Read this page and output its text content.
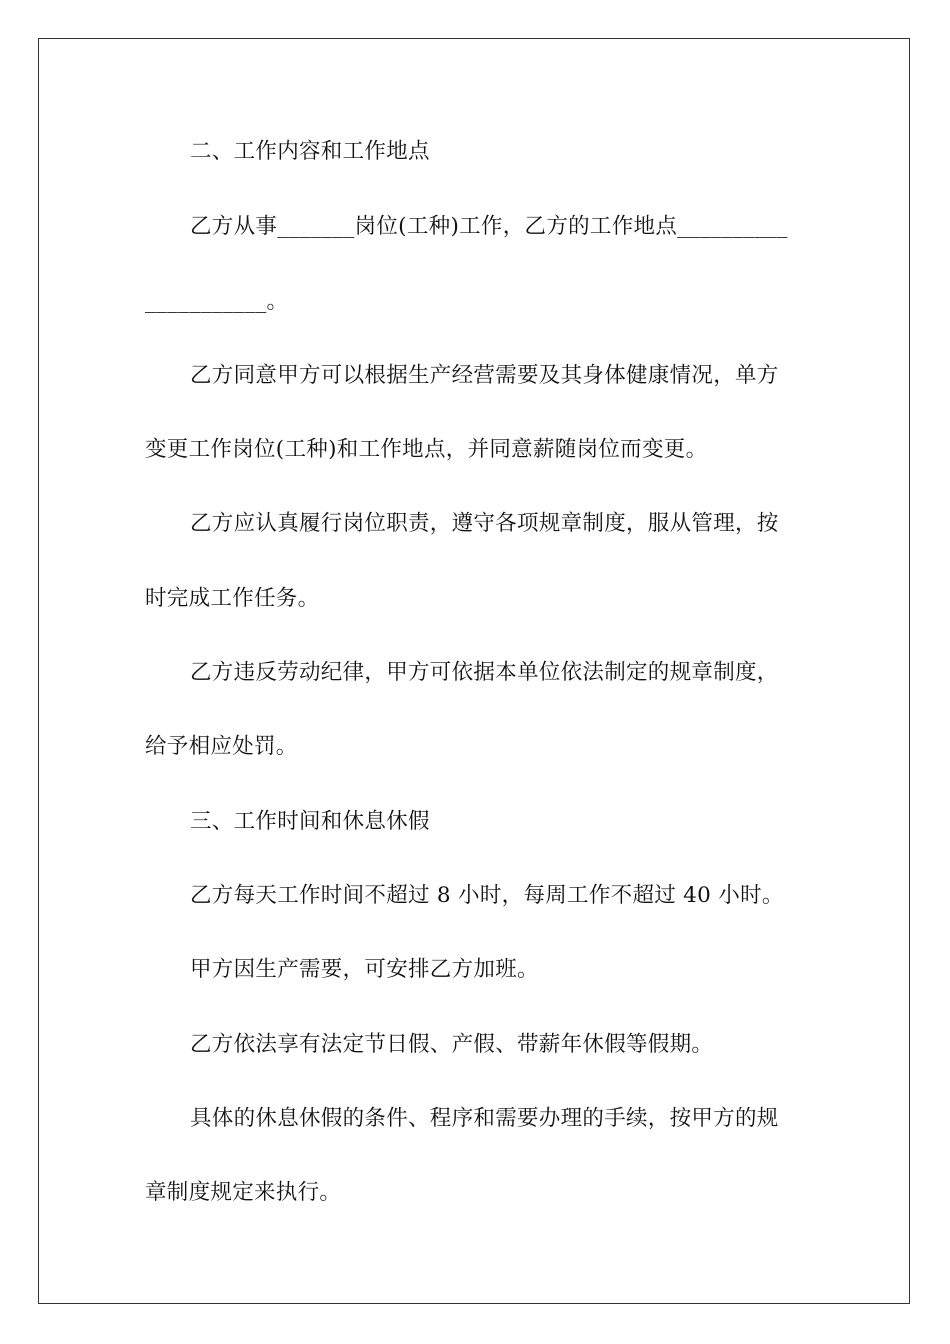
二、工作内容和工作地点
乙方从事_______岗位(工种)工作，乙方的工作地点__________
___________。
乙方同意甲方可以根据生产经营需要及其身体健康情况，单方
变更工作岗位(工种)和工作地点，并同意薪随岗位而变更。
乙方应认真履行岗位职责，遵守各项规章制度，服从管理，按
时完成工作任务。
乙方违反劳动纪律，甲方可依据本单位依法制定的规章制度，
给予相应处罚。
三、工作时间和休息休假
乙方每天工作时间不超过 8 小时，每周工作不超过 40 小时。
甲方因生产需要，可安排乙方加班。
乙方依法享有法定节日假、产假、带薪年休假等假期。
具体的休息休假的条件、程序和需要办理的手续，按甲方的规
章制度规定来执行。
